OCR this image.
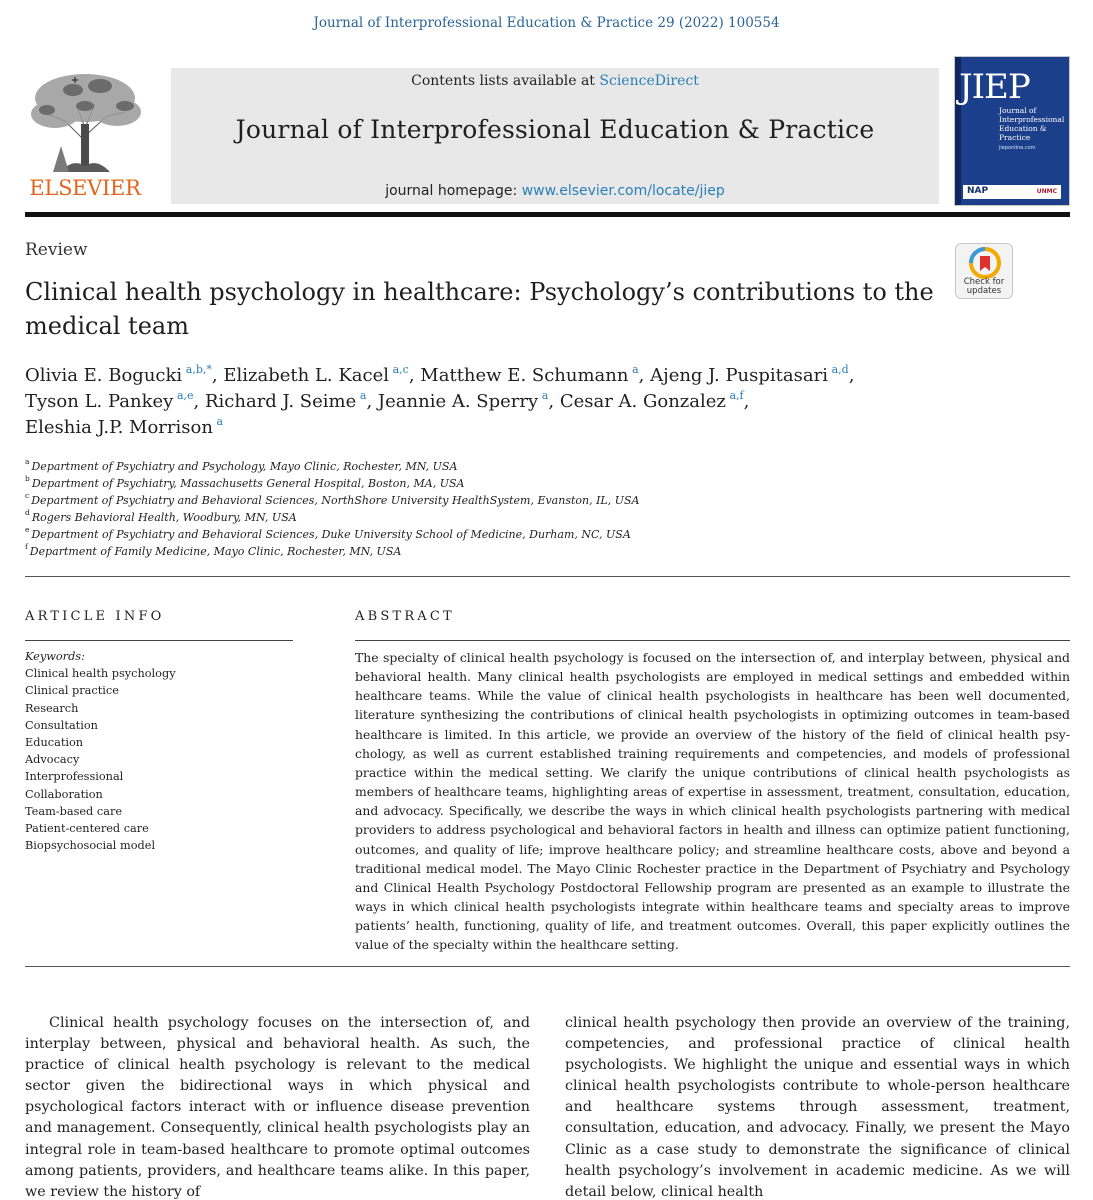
Journal of Interprofessional Education & Practice 29 (2022) 100554
ELSEVIER
Contents lists available at ScienceDirect
Journal of Interprofessional Education & Practice
journal homepage: www.elsevier.com/locate/jiep
JIEP
Journal of
Interprofessional
Education &
Practice
jieponline.com
NAP	UNMC
Review
Clinical health psychology in healthcare: Psychology’s contributions to the medical team
Check for
updates
Olivia E. Bogucki  $^{a,b,*}$, Elizabeth L. Kacel  $^{a,c}$, Matthew E. Schumann  $^a$, Ajeng J. Puspitasari  $^{a,d}$,
Tyson L. Pankey  $^{a,e}$, Richard J. Seime  $^a$, Jeannie A. Sperry  $^a$, Cesar A. Gonzalez  $^{a,f}$,
Eleshia J.P. Morrison  $^a$
$^a$ Department of Psychiatry and Psychology, Mayo Clinic, Rochester, MN, USA
$^b$ Department of Psychiatry, Massachusetts General Hospital, Boston, MA, USA
$^c$ Department of Psychiatry and Behavioral Sciences, NorthShore University HealthSystem, Evanston, IL, USA
$^d$ Rogers Behavioral Health, Woodbury, MN, USA
$^e$ Department of Psychiatry and Behavioral Sciences, Duke University School of Medicine, Durham, NC, USA
$^f$ Department of Family Medicine, Mayo Clinic, Rochester, MN, USA
ARTICLE INFO	ABSTRACT
Keywords:
Clinical health psychology
Clinical practice
Research
Consultation
Education
Advocacy
Interprofessional
Collaboration
Team-based care
Patient-centered care
Biopsychosocial model
The specialty of clinical health psychology is focused on the intersection of, and interplay between, physical and behavioral health. Many clinical health psychologists are employed in medical settings and embedded within healthcare teams. While the value of clinical health psychologists in healthcare has been well documented, literature synthesizing the contributions of clinical health psychologists in optimizing outcomes in team-based healthcare is limited. In this article, we provide an overview of the history of the field of clinical health psychology, as well as current established training requirements and competencies, and models of professional practice within the medical setting. We clarify the unique contributions of clinical health psychologists as members of healthcare teams, highlighting areas of expertise in assessment, treatment, consultation, education, and advocacy. Specifically, we describe the ways in which clinical health psychologists partnering with medical providers to address psychological and behavioral factors in health and illness can optimize patient functioning, outcomes, and quality of life; improve healthcare policy; and streamline healthcare costs, above and beyond a traditional medical model. The Mayo Clinic Rochester practice in the Department of Psychiatry and Psychology and Clinical Health Psychology Postdoctoral Fellowship program are presented as an example to illustrate the ways in which clinical health psychologists integrate within healthcare teams and specialty areas to improve patients’ health, functioning, quality of life, and treatment outcomes. Overall, this paper explicitly outlines the value of the specialty within the healthcare setting.
Clinical health psychology focuses on the intersection of, and interplay between, physical and behavioral health. As such, the practice of clinical health psychology is relevant to the medical sector given the bidirectional ways in which physical and psychological factors interact with or influence disease prevention and management. Consequently, clinical health psychologists play an integral role in team-based healthcare to promote optimal outcomes among patients, providers, and healthcare teams alike. In this paper, we review the history of
clinical health psychology then provide an overview of the training, competencies, and professional practice of clinical health psychologists. We highlight the unique and essential ways in which clinical health psychologists contribute to whole-person healthcare and healthcare systems through assessment, treatment, consultation, education, and advocacy. Finally, we present the Mayo Clinic as a case study to demonstrate the significance of clinical health psychology’s involvement in academic medicine. As we will detail below, clinical health
